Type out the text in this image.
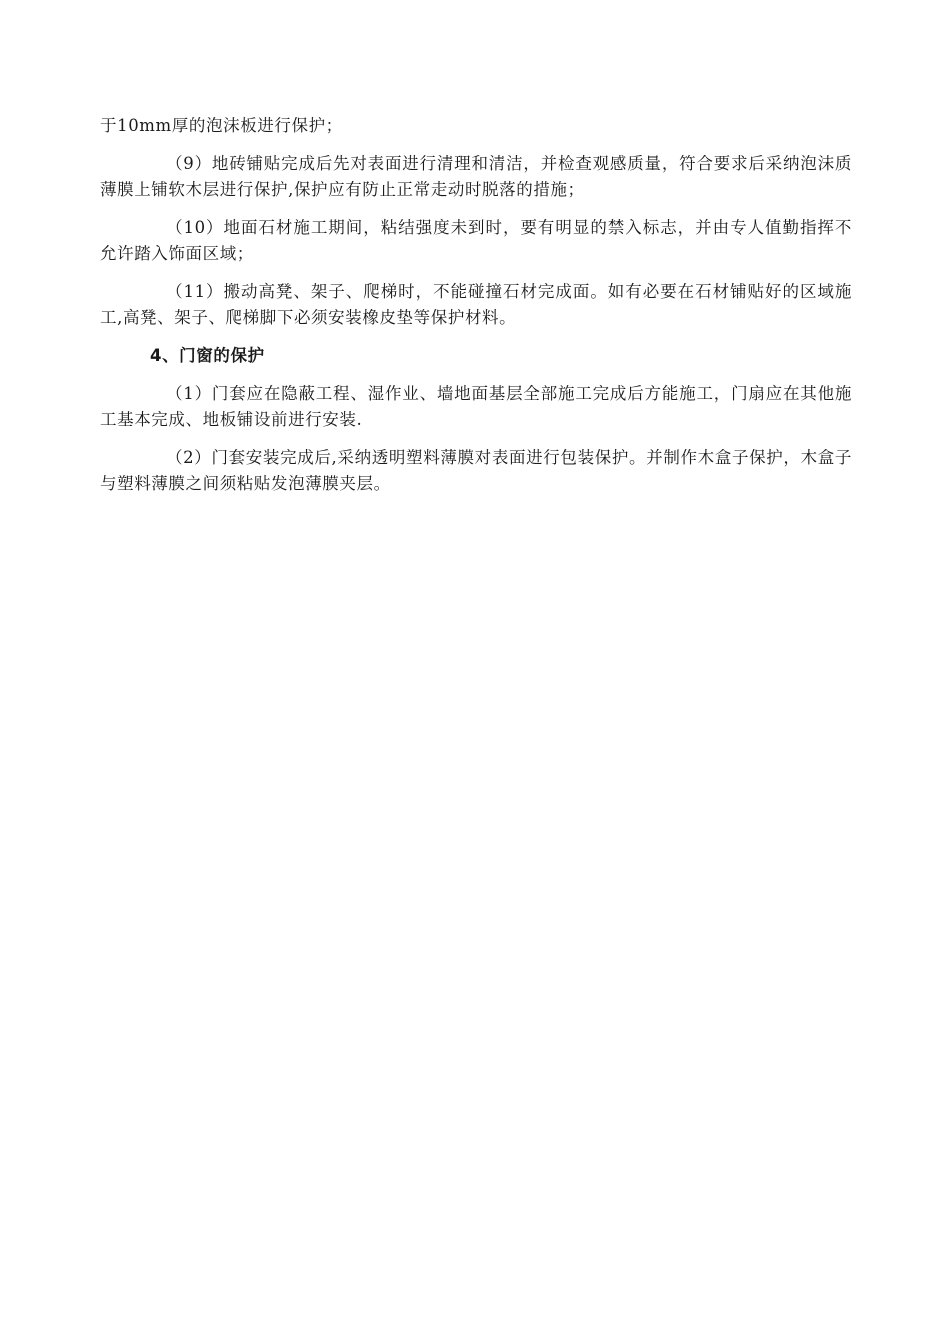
于10mm厚的泡沫板进行保护；

（9）地砖铺贴完成后先对表面进行清理和清洁，并检查观感质量，符合要求后采纳泡沫质薄膜上铺软木层进行保护,保护应有防止正常走动时脱落的措施；

（10）地面石材施工期间，粘结强度未到时，要有明显的禁入标志，并由专人值勤指挥不允许踏入饰面区域；

（11）搬动高凳、架子、爬梯时，不能碰撞石材完成面。如有必要在石材铺贴好的区域施工,高凳、架子、爬梯脚下必须安装橡皮垫等保护材料。

4、门窗的保护

（1）门套应在隐蔽工程、湿作业、墙地面基层全部施工完成后方能施工，门扇应在其他施工基本完成、地板铺设前进行安装.

（2）门套安装完成后,采纳透明塑料薄膜对表面进行包装保护。并制作木盒子保护，木盒子与塑料薄膜之间须粘贴发泡薄膜夹层。
